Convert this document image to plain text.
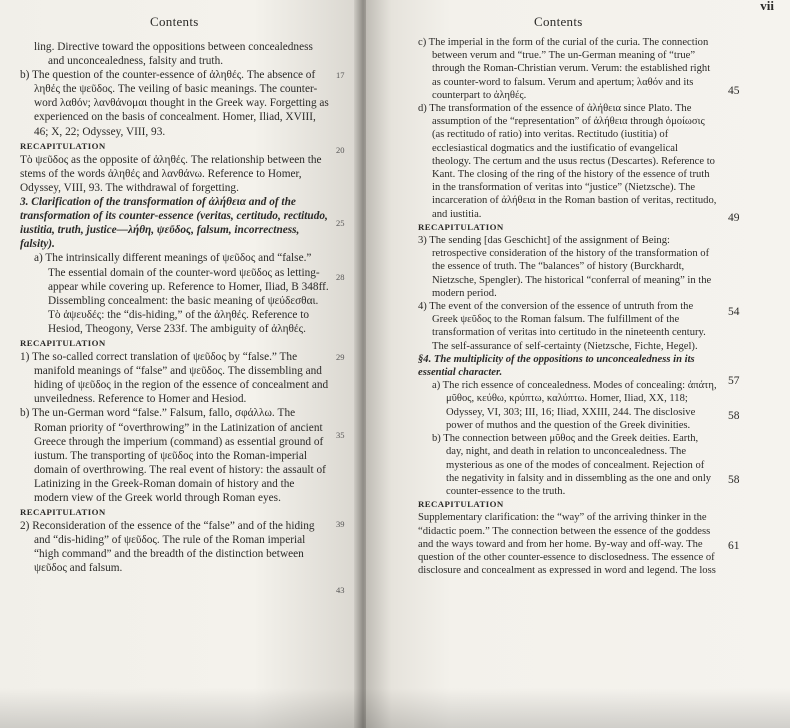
Contents

ling. Directive toward the oppositions between concealedness and unconcealedness, falsity and truth.

b) The question of the counter-essence of ἀληθές. The absence of ληθές the ψεῦδος. The veiling of basic meanings. The counter-word λαθόν; λανθάνομαι thought in the Greek way. Forgetting as experienced on the basis of concealment. Homer, Iliad, XVIII, 46; X, 22; Odyssey, VIII, 93.

RECAPITULATION

Τὸ ψεῦδος as the opposite of ἀληθές. The relationship between the stems of the words ἀληθές and λανθάνω. Reference to Homer, Odyssey, VIII, 93. The withdrawal of forgetting.

3. Clarification of the transformation of ἀλήθεια and of the transformation of its counter-essence (veritas, certitudo, rectitudo, iustitia, truth, justice—λήθη, ψεῦδος, falsum, incorrectness, falsity).

a) The intrinsically different meanings of ψεῦδος and “false.” The essential domain of the counter-word ψεῦδος as letting-appear while covering up. Reference to Homer, Iliad, B 348ff. Dissembling concealment: the basic meaning of ψεύδεσθαι. Τὸ ἀψευδές: the “dis-hiding,” of the ἀληθές. Reference to Hesiod, Theogony, Verse 233f. The ambiguity of ἀληθές.

RECAPITULATION

1) The so-called correct translation of ψεῦδος by “false.” The manifold meanings of “false” and ψεῦδος. The dissembling and hiding of ψεῦδος in the region of the essence of concealment and unveiledness. Reference to Homer and Hesiod.

b) The un-German word “false.” Falsum, fallo, σφάλλω. The Roman priority of “overthrowing” in the Latinization of ancient Greece through the imperium (command) as essential ground of iustum. The transporting of ψεῦδος into the Roman-imperial domain of overthrowing. The real event of history: the assault of Latinizing in the Greek-Roman domain of history and the modern view of the Greek world through Roman eyes.

RECAPITULATION

2) Reconsideration of the essence of the “false” and of the hiding and “dis-hiding” of ψεῦδος. The rule of the Roman imperial “high command” and the breadth of the distinction between ψεῦδος and falsum.

17
20
25
28
29
35
39
43
vii
Contents

c) The imperial in the form of the curial of the curia. The connection between verum and “true.” The un-German meaning of “true” through the Roman-Christian verum. Verum: the established right as counter-word to falsum. Verum and apertum; λαθόν and its counterpart to ἀληθές.

d) The transformation of the essence of ἀλήθεια since Plato. The assumption of the “representation” of ἀλήθεια through ὁμοίωσις (as rectitudo of ratio) into veritas. Rectitudo (iustitia) of ecclesiastical dogmatics and the iustificatio of evangelical theology. The certum and the usus rectus (Descartes). Reference to Kant. The closing of the ring of the history of the essence of truth in the transformation of veritas into “justice” (Nietzsche). The incarceration of ἀλήθεια in the Roman bastion of veritas, rectitudo, and iustitia.

RECAPITULATION

3) The sending [das Geschicht] of the assignment of Being: retrospective consideration of the history of the transformation of the essence of truth. The “balances” of history (Burckhardt, Nietzsche, Spengler). The historical “conferral of meaning” in the modern period.

4) The event of the conversion of the essence of untruth from the Greek ψεῦδος to the Roman falsum. The fulfillment of the transformation of veritas into certitudo in the nineteenth century. The self-assurance of self-certainty (Nietzsche, Fichte, Hegel).

§4. The multiplicity of the oppositions to unconcealedness in its essential character.

a) The rich essence of concealedness. Modes of concealing: ἀπάτη, μῦθος, κεύθω, κρύπτω, καλύπτω. Homer, Iliad, XX, 118; Odyssey, VI, 303; III, 16; Iliad, XXIII, 244. The disclosive power of muthos and the question of the Greek divinities.

b) The connection between μῦθος and the Greek deities. Earth, day, night, and death in relation to unconcealedness. The mysterious as one of the modes of concealment. Rejection of the negativity in falsity and in dissembling as the one and only counter-essence to the truth.

RECAPITULATION

Supplementary clarification: the “way” of the arriving thinker in the “didactic poem.” The connection between the essence of the goddess and the ways toward and from her home. By-way and off-way. The question of the other counter-essence to disclosedness. The essence of disclosure and concealment as expressed in word and legend. The loss

45
49
54
57
58
58
61
